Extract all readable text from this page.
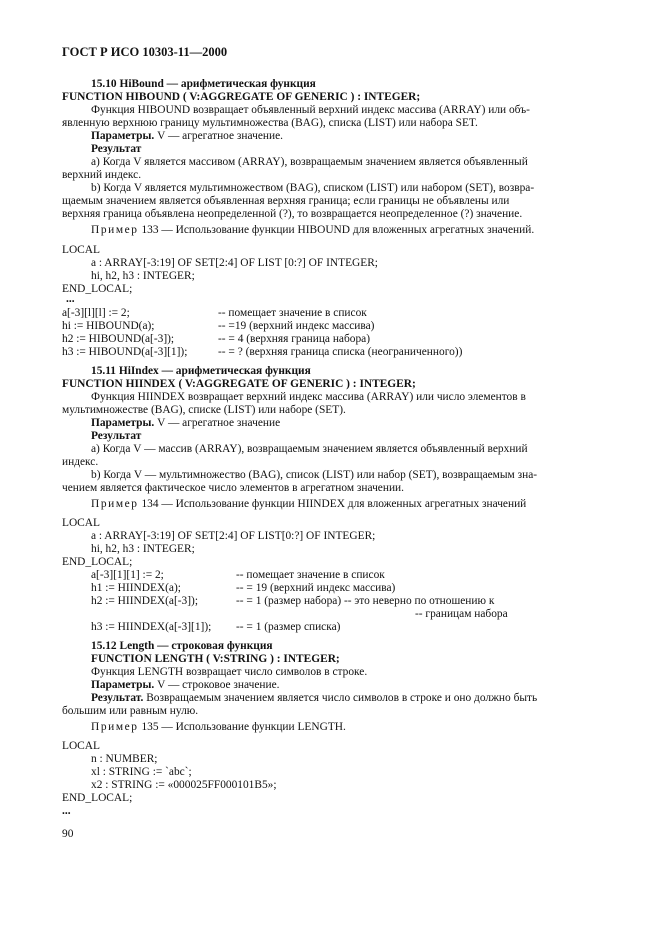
ГОСТ Р ИСО 10303-11—2000
15.10 HiBound — арифметическая функция
FUNCTION HIBOUND ( V:AGGREGATE OF GENERIC ) : INTEGER;
Функция HIBOUND возвращает объявленный верхний индекс массива (ARRAY) или объ-
явленную верхнюю границу мультимножества (BAG), списка (LIST) или набора SET.
Параметры. V — агрегатное значение.
Результат
а) Когда V является массивом (ARRAY), возвращаемым значением является объявленный
верхний индекс.
b) Когда V является мультимножеством (BAG), списком (LIST) или набором (SET), возвра-
щаемым значением является объявленная верхняя граница; если границы не объявлены или
верхняя граница объявлена неопределенной (?), то возвращается неопределенное (?) значение.
Пример 133 — Использование функции HIBOUND для вложенных агрегатных значений.
LOCAL
a : ARRAY[-3:19] OF SET[2:4] OF LIST [0:?] OF INTEGER;
hi, h2, h3 : INTEGER;
END_LOCAL;
...
a[-3][l][l] := 2;	-- помещает значение в список
hi := HIBOUND(a);	-- =19 (верхний индекс массива)
h2 := HIBOUND(a[-3]);	-- = 4 (верхняя граница набора)
h3 := HIBOUND(a[-3][1]);	-- = ? (верхняя граница списка (неограниченного))
15.11 HiIndex — арифметическая функция
FUNCTION HIINDEX ( V:AGGREGATE OF GENERIC ) : INTEGER;
Функция HIINDEX возвращает верхний индекс массива (ARRAY) или число элементов в
мультимножестве (BAG), списке (LIST) или наборе (SET).
Параметры. V — агрегатное значение
Результат
а) Когда V — массив (ARRAY), возвращаемым значением является объявленный верхний
индекс.
b) Когда V — мультимножество (BAG), список (LIST) или набор (SET), возвращаемым зна-
чением является фактическое число элементов в агрегатном значении.
Пример 134 — Использование функции HIINDEX для вложенных агрегатных значений
LOCAL
a : ARRAY[-3:19] OF SET[2:4] OF LIST[0:?] OF INTEGER;
hi, h2, h3 : INTEGER;
END_LOCAL;
a[-3][1][1] := 2;	-- помещает значение в список
h1 := HIINDEX(a);	-- = 19 (верхний индекс массива)
h2 := HIINDEX(a[-3]);	-- = 1 (размер набора) -- это неверно по отношению к
-- границам набора
h3 := HIINDEX(a[-3][1]); -- = 1 (размер списка)
15.12 Length — строковая функция
FUNCTION LENGTH ( V:STRING ) : INTEGER;
Функция LENGTH возвращает число символов в строке.
Параметры. V — строковое значение.
Результат. Возвращаемым значением является число символов в строке и оно должно быть
большим или равным нулю.
Пример 135 — Использование функции LENGTH.
LOCAL
n : NUMBER;
xl : STRING := `abc`;
x2 : STRING := «000025FF000101B5»;
END_LOCAL;
...
90
